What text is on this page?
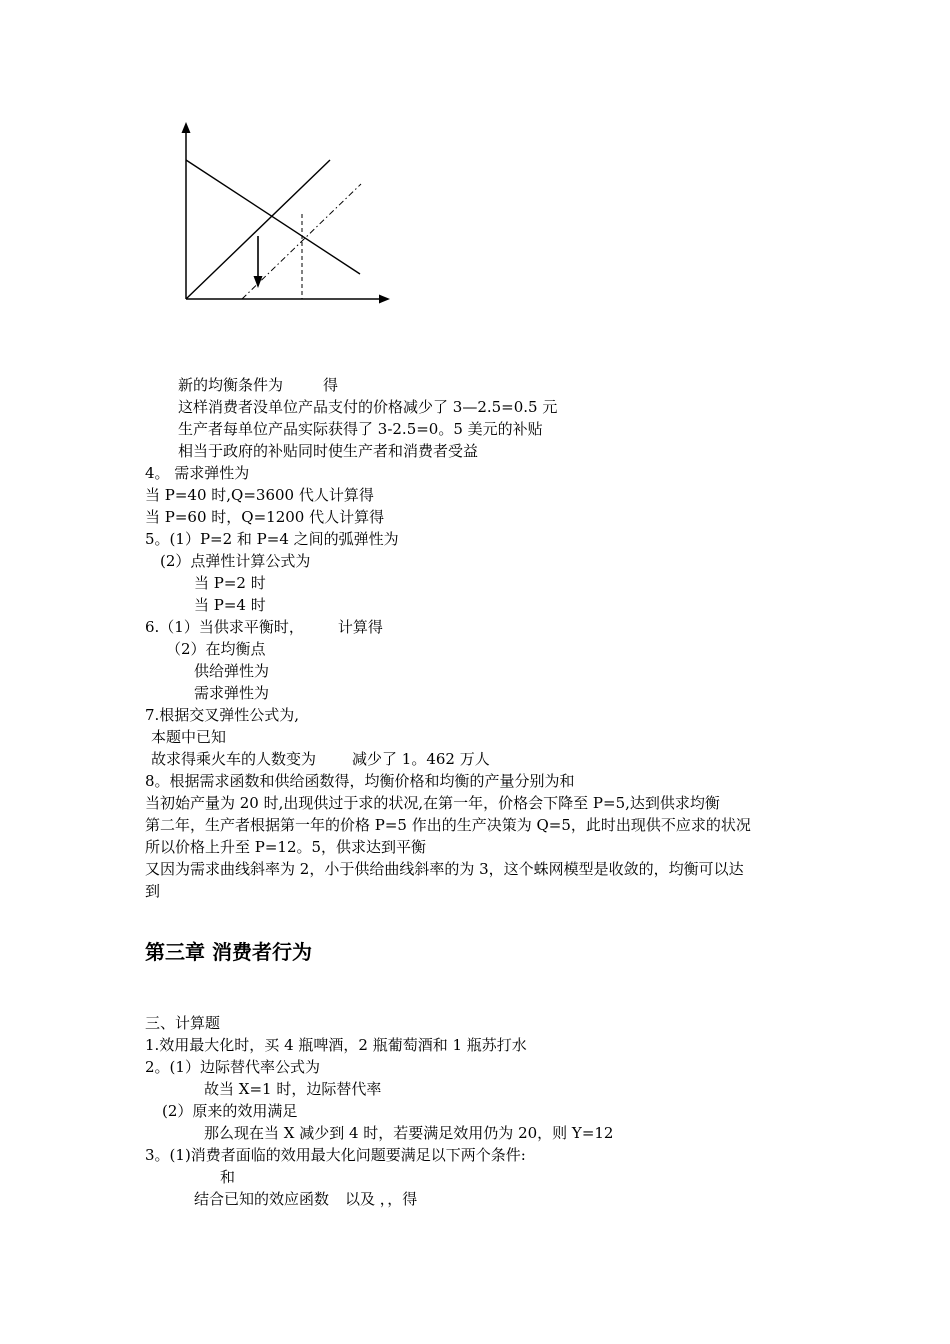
新的均衡条件为	得
这样消费者没单位产品支付的价格减少了 3—2.5=0.5 元
生产者每单位产品实际获得了 3-2.5=0。5 美元的补贴
相当于政府的补贴同时使生产者和消费者受益
4。 需求弹性为
当 P=40 时,Q=3600 代人计算得
当 P=60 时，Q=1200 代人计算得
5。(1）P=2 和 P=4 之间的弧弹性为
(2）点弹性计算公式为
当 P=2 时
当 P=4 时
6.（1）当供求平衡时， 计算得
（2）在均衡点
供给弹性为
需求弹性为
7.根据交叉弹性公式为,
本题中已知
故求得乘火车的人数变为 减少了 1。462 万人
8。根据需求函数和供给函数得，均衡价格和均衡的产量分别为和
当初始产量为 20 时,出现供过于求的状况,在第一年，价格会下降至 P=5,达到供求均衡
第二年，生产者根据第一年的价格 P=5 作出的生产决策为 Q=5，此时出现供不应求的状况
所以价格上升至 P=12。5，供求达到平衡
又因为需求曲线斜率为 2，小于供给曲线斜率的为 3，这个蛛网模型是收敛的，均衡可以达
到
第三章 消费者行为
三、计算题
1.效用最大化时，买 4 瓶啤酒，2 瓶葡萄酒和 1 瓶苏打水
2。(1）边际替代率公式为
故当 X=1 时，边际替代率
(2）原来的效用满足
那么现在当 X 减少到 4 时，若要满足效用仍为 20，则 Y=12
3。(1)消费者面临的效用最大化问题要满足以下两个条件:
和
结合已知的效应函数 以及 ，，得
